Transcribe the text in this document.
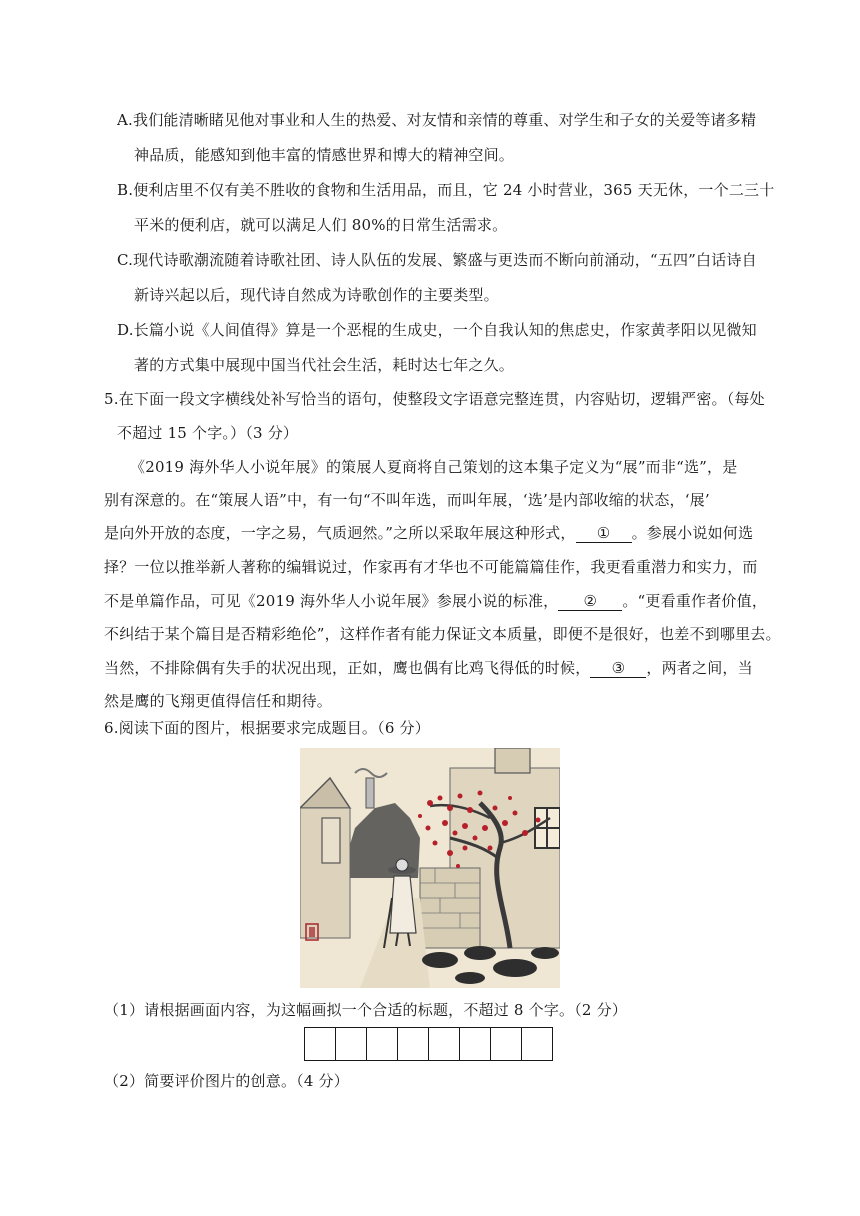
A.我们能清晰睹见他对事业和人生的热爱、对友情和亲情的尊重、对学生和子女的关爱等诸多精
神品质，能感知到他丰富的情感世界和博大的精神空间。
B.便利店里不仅有美不胜收的食物和生活用品，而且，它 24 小时营业，365 天无休，一个二三十
平米的便利店，就可以满足人们 80%的日常生活需求。
C.现代诗歌潮流随着诗歌社团、诗人队伍的发展、繁盛与更迭而不断向前涌动，“五四”白话诗自
新诗兴起以后，现代诗自然成为诗歌创作的主要类型。
D.长篇小说《人间值得》算是一个恶棍的生成史，一个自我认知的焦虑史，作家黄孝阳以见微知
著的方式集中展现中国当代社会生活，耗时达七年之久。
5.在下面一段文字横线处补写恰当的语句，使整段文字语意完整连贯，内容贴切，逻辑严密。（每处
不超过 15 个字。）（3 分）
《2019 海外华人小说年展》的策展人夏商将自己策划的这本集子定义为“展”而非“选”，是
别有深意的。在“策展人语”中，有一句“不叫年选，而叫年展，‘选’是内部收缩的状态，‘展’
是向外开放的态度，一字之易，气质迥然。”之所以采取年展这种形式， ① 。参展小说如何选
择？一位以推举新人著称的编辑说过，作家再有才华也不可能篇篇佳作，我更看重潜力和实力，而
不是单篇作品，可见《2019 海外华人小说年展》参展小说的标准， ② 。“更看重作者价值，
不纠结于某个篇目是否精彩绝伦”，这样作者有能力保证文本质量，即便不是很好，也差不到哪里去。
当然，不排除偶有失手的状况出现，正如，鹰也偶有比鸡飞得低的时候， ③ ，两者之间，当
然是鹰的飞翔更值得信任和期待。
6.阅读下面的图片，根据要求完成题目。（6 分）
（1）请根据画面内容，为这幅画拟一个合适的标题，不超过 8 个字。（2 分）
（2）简要评价图片的创意。（4 分）
